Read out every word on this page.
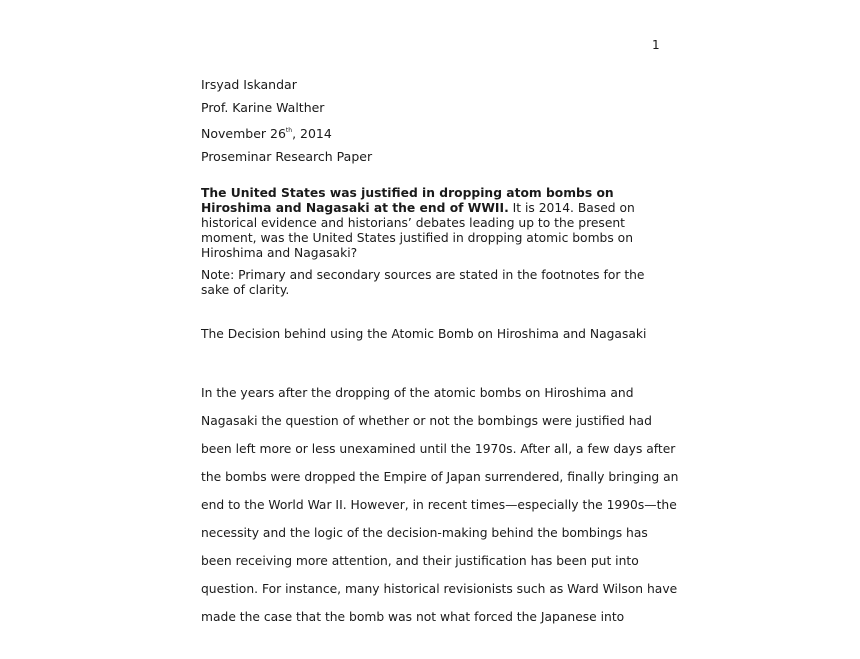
1
Irsyad Iskandar
Prof. Karine Walther
November 26th, 2014
Proseminar Research Paper
The United States was justified in dropping atom bombs on Hiroshima and Nagasaki at the end of WWII. It is 2014. Based on historical evidence and historians’ debates leading up to the present moment, was the United States justified in dropping atomic bombs on Hiroshima and Nagasaki?
Note: Primary and secondary sources are stated in the footnotes for the sake of clarity.
The Decision behind using the Atomic Bomb on Hiroshima and Nagasaki
In the years after the dropping of the atomic bombs on Hiroshima and
Nagasaki the question of whether or not the bombings were justified had
been left more or less unexamined until the 1970s. After all, a few days after
the bombs were dropped the Empire of Japan surrendered, finally bringing an
end to the World War II. However, in recent times—especially the 1990s—the
necessity and the logic of the decision-making behind the bombings has
been receiving more attention, and their justification has been put into
question. For instance, many historical revisionists such as Ward Wilson have
made the case that the bomb was not what forced the Japanese into
